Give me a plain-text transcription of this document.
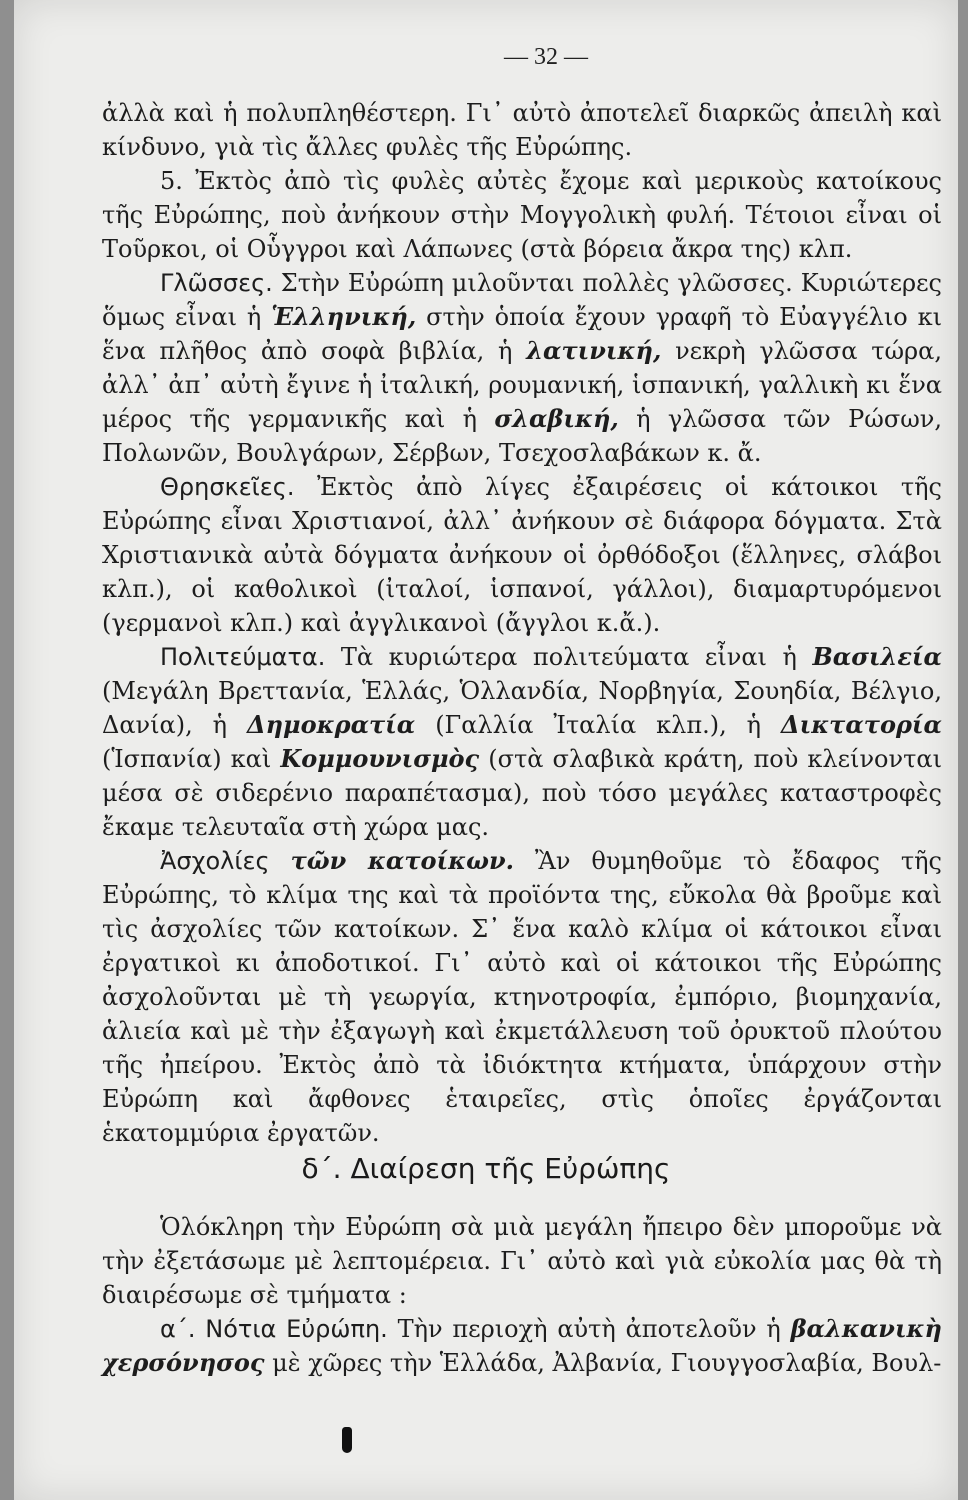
— 32 —

ἀλλὰ καὶ ἡ πολυπληθέστερη. Γι᾽ αὐτὸ ἀποτελεῖ διαρκῶς ἀπειλὴ καὶ κίνδυνο, γιὰ τὶς ἄλλες φυλὲς τῆς Εὐρώπης.

5. Ἐκτὸς ἀπὸ τὶς φυλὲς αὐτὲς ἔχομε καὶ μερικοὺς κατοίκους τῆς Εὐρώπης, ποὺ ἀνήκουν στὴν Μογγολικὴ φυλή. Τέτοιοι εἶναι οἱ Τοῦρκοι, οἱ Οὗγγροι καὶ Λάπωνες (στὰ βόρεια ἄκρα της) κλπ.

Γλῶσσες. Στὴν Εὐρώπη μιλοῦνται πολλὲς γλῶσσες. Κυριώτερες ὅμως εἶναι ἡ Ἑλληνική, στὴν ὁποία ἔχουν γραφῆ τὸ Εὐαγγέλιο κι ἕνα πλῆθος ἀπὸ σοφὰ βιβλία, ἡ λατινική, νεκρὴ γλῶσσα τώρα, ἀλλ᾽ ἀπ᾽ αὐτὴ ἔγινε ἡ ἰταλική, ρουμανική, ἱσπανική, γαλλικὴ κι ἕνα μέρος τῆς γερμανικῆς καὶ ἡ σλαβική, ἡ γλῶσσα τῶν Ρώσων, Πολωνῶν, Βουλγάρων, Σέρβων, Τσεχοσλαβάκων κ. ἄ.

Θρησκεῖες. Ἐκτὸς ἀπὸ λίγες ἐξαιρέσεις οἱ κάτοικοι τῆς Εὐρώπης εἶναι Χριστιανοί, ἀλλ᾽ ἀνήκουν σὲ διάφορα δόγματα. Στὰ Χριστιανικὰ αὐτὰ δόγματα ἀνήκουν οἱ ὀρθόδοξοι (ἕλληνες, σλάβοι κλπ.), οἱ καθολικοὶ (ἰταλοί, ἱσπανοί, γάλλοι), διαμαρτυρόμενοι (γερμανοὶ κλπ.) καὶ ἀγγλικανοὶ (ἄγγλοι κ.ἄ.).

Πολιτεύματα. Τὰ κυριώτερα πολιτεύματα εἶναι ἡ Βασιλεία (Μεγάλη Βρεττανία, Ἑλλάς, Ὁλλανδία, Νορβηγία, Σουηδία, Βέλγιο, Δανία), ἡ Δημοκρατία (Γαλλία Ἰταλία κλπ.), ἡ Δικτατορία (Ἱσπανία) καὶ Κομμουνισμὸς (στὰ σλαβικὰ κράτη, ποὺ κλείνονται μέσα σὲ σιδερένιο παραπέτασμα), ποὺ τόσο μεγάλες καταστροφὲς ἔκαμε τελευταῖα στὴ χώρα μας.

Ἀσχολίες τῶν κατοίκων. Ἂν θυμηθοῦμε τὸ ἔδαφος τῆς Εὐρώπης, τὸ κλίμα της καὶ τὰ προϊόντα της, εὔκολα θὰ βροῦμε καὶ τὶς ἀσχολίες τῶν κατοίκων. Σ᾽ ἕνα καλὸ κλίμα οἱ κάτοικοι εἶναι ἐργατικοὶ κι ἀποδοτικοί. Γι᾽ αὐτὸ καὶ οἱ κάτοικοι τῆς Εὐρώπης ἀσχολοῦνται μὲ τὴ γεωργία, κτηνοτροφία, ἐμπόριο, βιομηχανία, ἁλιεία καὶ μὲ τὴν ἐξαγωγὴ καὶ ἐκμετάλλευση τοῦ ὀρυκτοῦ πλούτου τῆς ἠπείρου. Ἐκτὸς ἀπὸ τὰ ἰδιόκτητα κτήματα, ὑπάρχουν στὴν Εὐρώπη καὶ ἄφθονες ἑταιρεῖες, στὶς ὁποῖες ἐργάζονται ἑκατομμύρια ἐργατῶν.

δ΄. Διαίρεση τῆς Εὐρώπης

Ὁλόκληρη τὴν Εὐρώπη σὰ μιὰ μεγάλη ἤπειρο δὲν μποροῦμε νὰ τὴν ἐξετάσωμε μὲ λεπτομέρεια. Γι᾽ αὐτὸ καὶ γιὰ εὐκολία μας θὰ τὴ διαιρέσωμε σὲ τμήματα :

α΄. Νότια Εὐρώπη. Τὴν περιοχὴ αὐτὴ ἀποτελοῦν ἡ βαλκανικὴ χερσόνησος μὲ χῶρες τὴν Ἑλλάδα, Ἀλβανία, Γιουγγοσλαβία, Βουλ-
